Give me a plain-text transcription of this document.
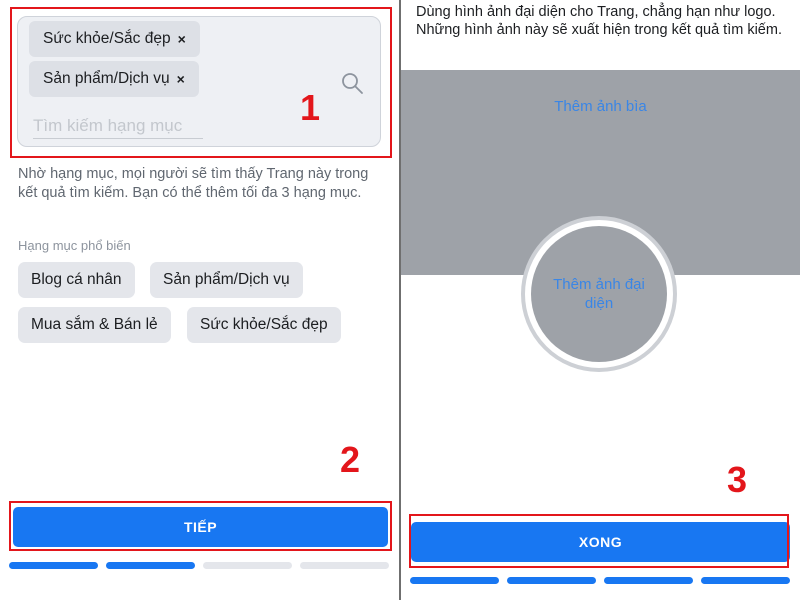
Sức khỏe/Sắc đẹp ×
Sản phẩm/Dịch vụ ×
Tìm kiếm hạng mục

Nhờ hạng mục, mọi người sẽ tìm thấy Trang này trong kết quả tìm kiếm. Bạn có thể thêm tối đa 3 hạng mục.

Hạng mục phổ biến
Blog cá nhân	Sản phẩm/Dịch vụ
Mua sắm & Bán lẻ	Sức khỏe/Sắc đẹp
TIẾP

Dùng hình ảnh đại diện cho Trang, chẳng hạn như logo. Những hình ảnh này sẽ xuất hiện trong kết quả tìm kiếm.

Thêm ảnh bìa
Thêm ảnh đại diện
XONG
1
2	3
